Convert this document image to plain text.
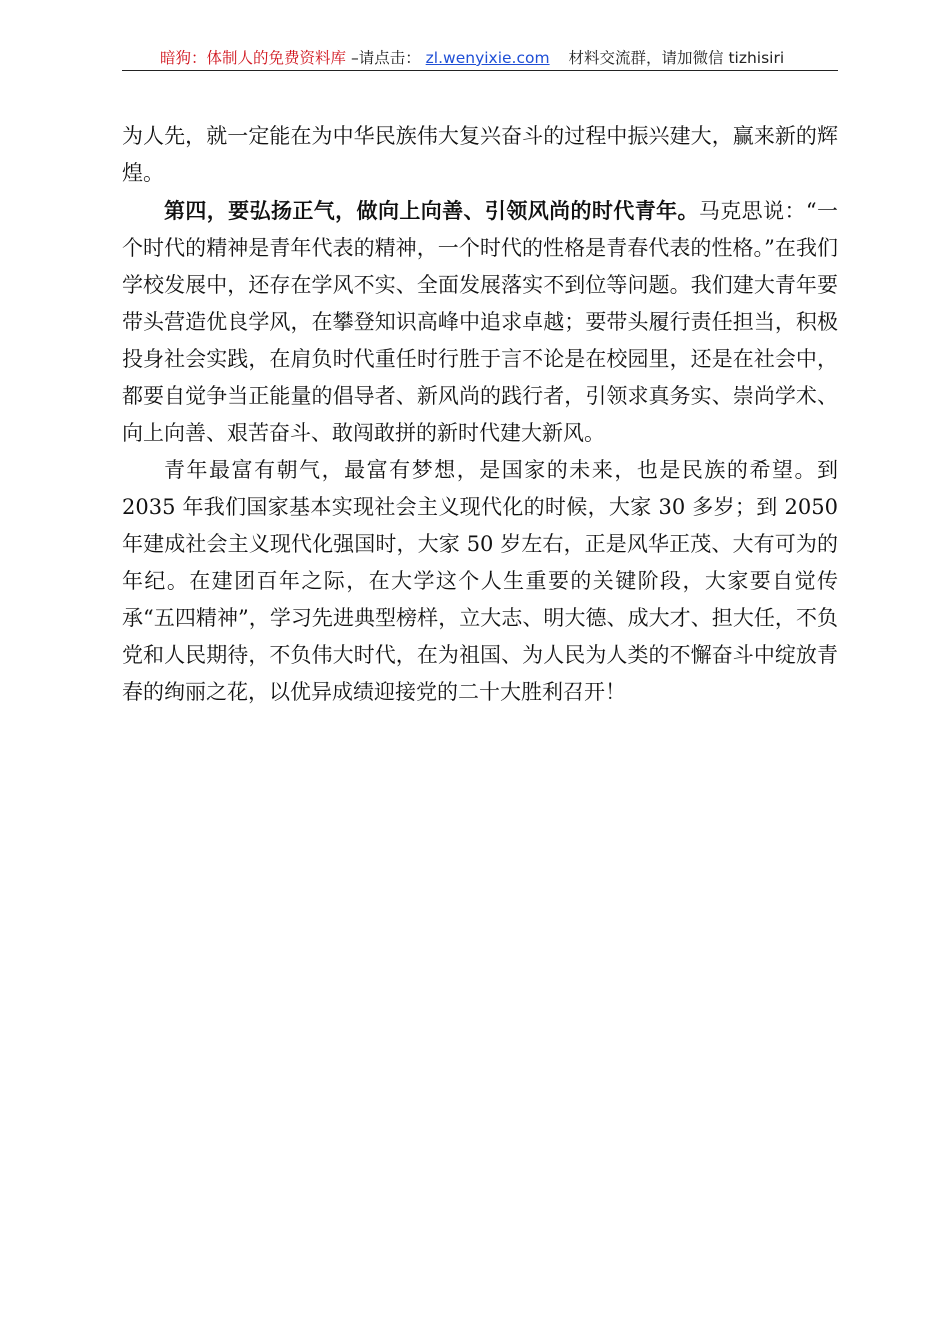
暗狗：体制人的免费资料库 –请点击： zl.wenyixie.com 材料交流群，请加微信 tizhisiri

为人先，就一定能在为中华民族伟大复兴奋斗的过程中振兴建大，赢来新的辉煌。

第四，要弘扬正气，做向上向善、引领风尚的时代青年。马克思说：“一个时代的精神是青年代表的精神，一个时代的性格是青春代表的性格。”在我们学校发展中，还存在学风不实、全面发展落实不到位等问题。我们建大青年要带头营造优良学风，在攀登知识高峰中追求卓越；要带头履行责任担当，积极投身社会实践，在肩负时代重任时行胜于言不论是在校园里，还是在社会中，都要自觉争当正能量的倡导者、新风尚的践行者，引领求真务实、崇尚学术、向上向善、艰苦奋斗、敢闯敢拼的新时代建大新风。

青年最富有朝气，最富有梦想，是国家的未来，也是民族的希望。到 2035 年我们国家基本实现社会主义现代化的时候，大家 30 多岁；到 2050 年建成社会主义现代化强国时，大家 50 岁左右，正是风华正茂、大有可为的年纪。在建团百年之际，在大学这个人生重要的关键阶段，大家要自觉传承“五四精神”，学习先进典型榜样，立大志、明大德、成大才、担大任，不负党和人民期待，不负伟大时代，在为祖国、为人民为人类的不懈奋斗中绽放青春的绚丽之花，以优异成绩迎接党的二十大胜利召开！
